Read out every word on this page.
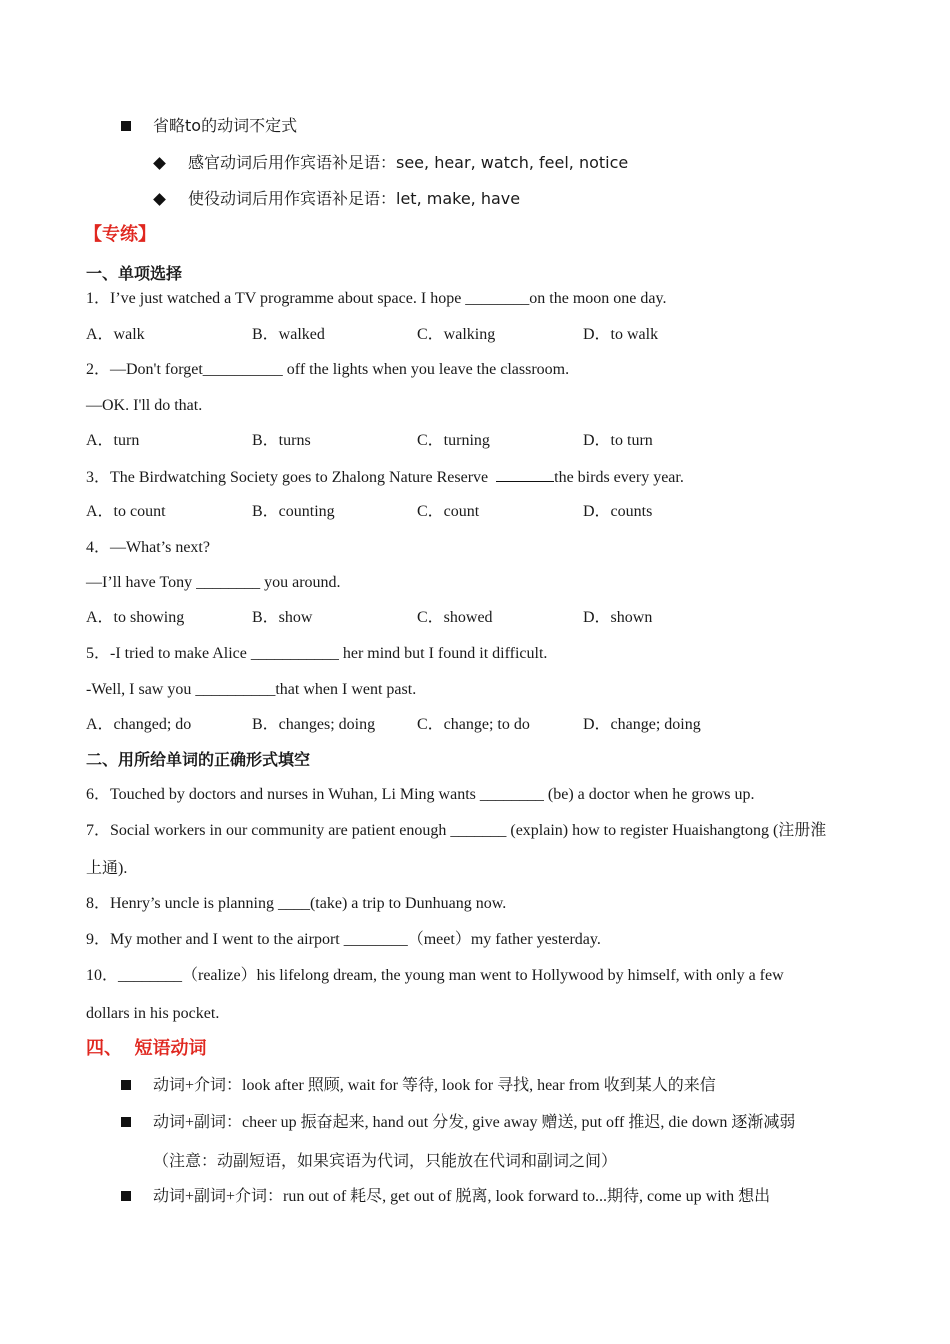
省略to的动词不定式
感官动词后用作宾语补足语：see, hear, watch, feel, notice
使役动词后用作宾语补足语：let, make, have
【专练】
一、单项选择
1．I’ve just watched a TV programme about space. I hope ________on the moon one day.
A．walk	B．walked	C．walking	D．to walk
2．—Don't forget__________ off the lights when you leave the classroom.
—OK. I'll do that.
A．turn	B．turns	C．turning	D．to turn
3．The Birdwatching Society goes to Zhalong Nature Reserve	the birds every year.
A．to count	B．counting	C．count	D．counts
4．—What’s next?
—I’ll have Tony ________ you around.
A．to showing	B．show	C．showed	D．shown
5．-I tried to make Alice ___________ her mind but I found it difficult.
-Well, I saw you __________that when I went past.
A．changed; do	B．changes; doing	C．change; to do	D．change; doing
二、用所给单词的正确形式填空
6．Touched by doctors and nurses in Wuhan, Li Ming wants ________ (be) a doctor when he grows up.
7．Social workers in our community are patient enough _______ (explain) how to register Huaishangtong (注册淮
上通).
8．Henry’s uncle is planning ____(take) a trip to Dunhuang now.
9．My mother and I went to the airport ________（meet）my father yesterday.
10．________（realize）his lifelong dream, the young man went to Hollywood by himself, with only a few
dollars in his pocket.
四、  短语动词
动词+介词：look after 照顾, wait for 等待, look for 寻找, hear from 收到某人的来信
动词+副词：cheer up 振奋起来, hand out 分发, give away 赠送, put off 推迟, die down 逐渐减弱
（注意：动副短语，如果宾语为代词，只能放在代词和副词之间）
动词+副词+介词：run out of 耗尽, get out of 脱离, look forward to...期待, come up with 想出
